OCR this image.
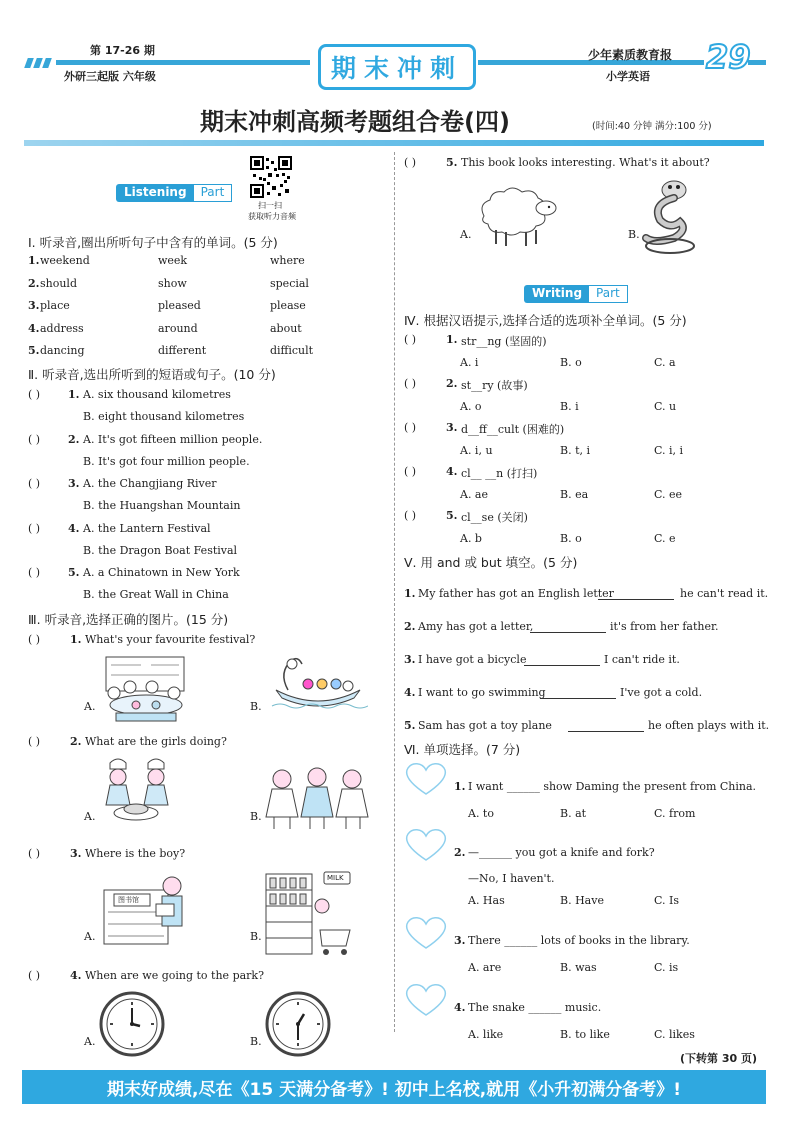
第 17-26 期
外研三起版 六年级	期末冲刺	少年素质教育报
小学英语
29
期末冲刺高频考题组合卷(四)	(时间:40 分钟 满分:100 分)
扫一扫
获取听力音频
Listening	Part
Ⅰ. 听录音,圈出所听句子中含有的单词。(5 分)
1. weekend	week	where
2. should	show	special
3. place	pleased	please
4. address	around	about
5. dancing	different	difficult
Ⅱ. 听录音,选出所听到的短语或句子。(10 分)
( )	1. A. six thousand kilometres
B. eight thousand kilometres
( )	2. A. It's got fifteen million people.
B. It's got four million people.
( )	3. A. the Changjiang River
B. the Huangshan Mountain
( )	4. A. the Lantern Festival
B. the Dragon Boat Festival
( )	5. A. a Chinatown in New York
B. the Great Wall in China
Ⅲ. 听录音,选择正确的图片。(15 分)
( )	1. What's your favourite festival?
A.	B.
( )	2. What are the girls doing?
A.	B.
( )	3. Where is the boy?
A.
图书馆
B.
MILK
( )	4. When are we going to the park?
A.	B.
( )	5. This book looks interesting. What's it about?
A.	B.
Writing	Part
Ⅳ. 根据汉语提示,选择合适的选项补全单词。(5 分)
( )	1. str__ng (坚固的)
A. i	B. o	C. a
( )	2. st__ry (故事)
A. o	B. i	C. u
( )	3. d__ff__cult (困难的)
A. i, u	B. t, i	C. i, i
( )	4. cl__ __n (打扫)
A. ae	B. ea	C. ee
( )	5. cl__se (关闭)
A. b	B. o	C. e
Ⅴ. 用 and 或 but 填空。(5 分)
1. My father has got an English letter	he can't read it.
2. Amy has got a letter,	it's from her father.
3. I have got a bicycle	I can't ride it.
4. I want to go swimming	I've got a cold.
5. Sam has got a toy plane	he often plays with it.
Ⅵ. 单项选择。(7 分)
1. I want ______ show Daming the present from China.
A. to	B. at	C. from
2. —______ you got a knife and fork?
—No, I haven't.
A. Has	B. Have	C. Is
3. There ______ lots of books in the library.
A. are	B. was	C. is
4. The snake ______ music.
A. like	B. to like	C. likes
(下转第 30 页)
期末好成绩,尽在《15 天满分备考》! 初中上名校,就用《小升初满分备考》!
